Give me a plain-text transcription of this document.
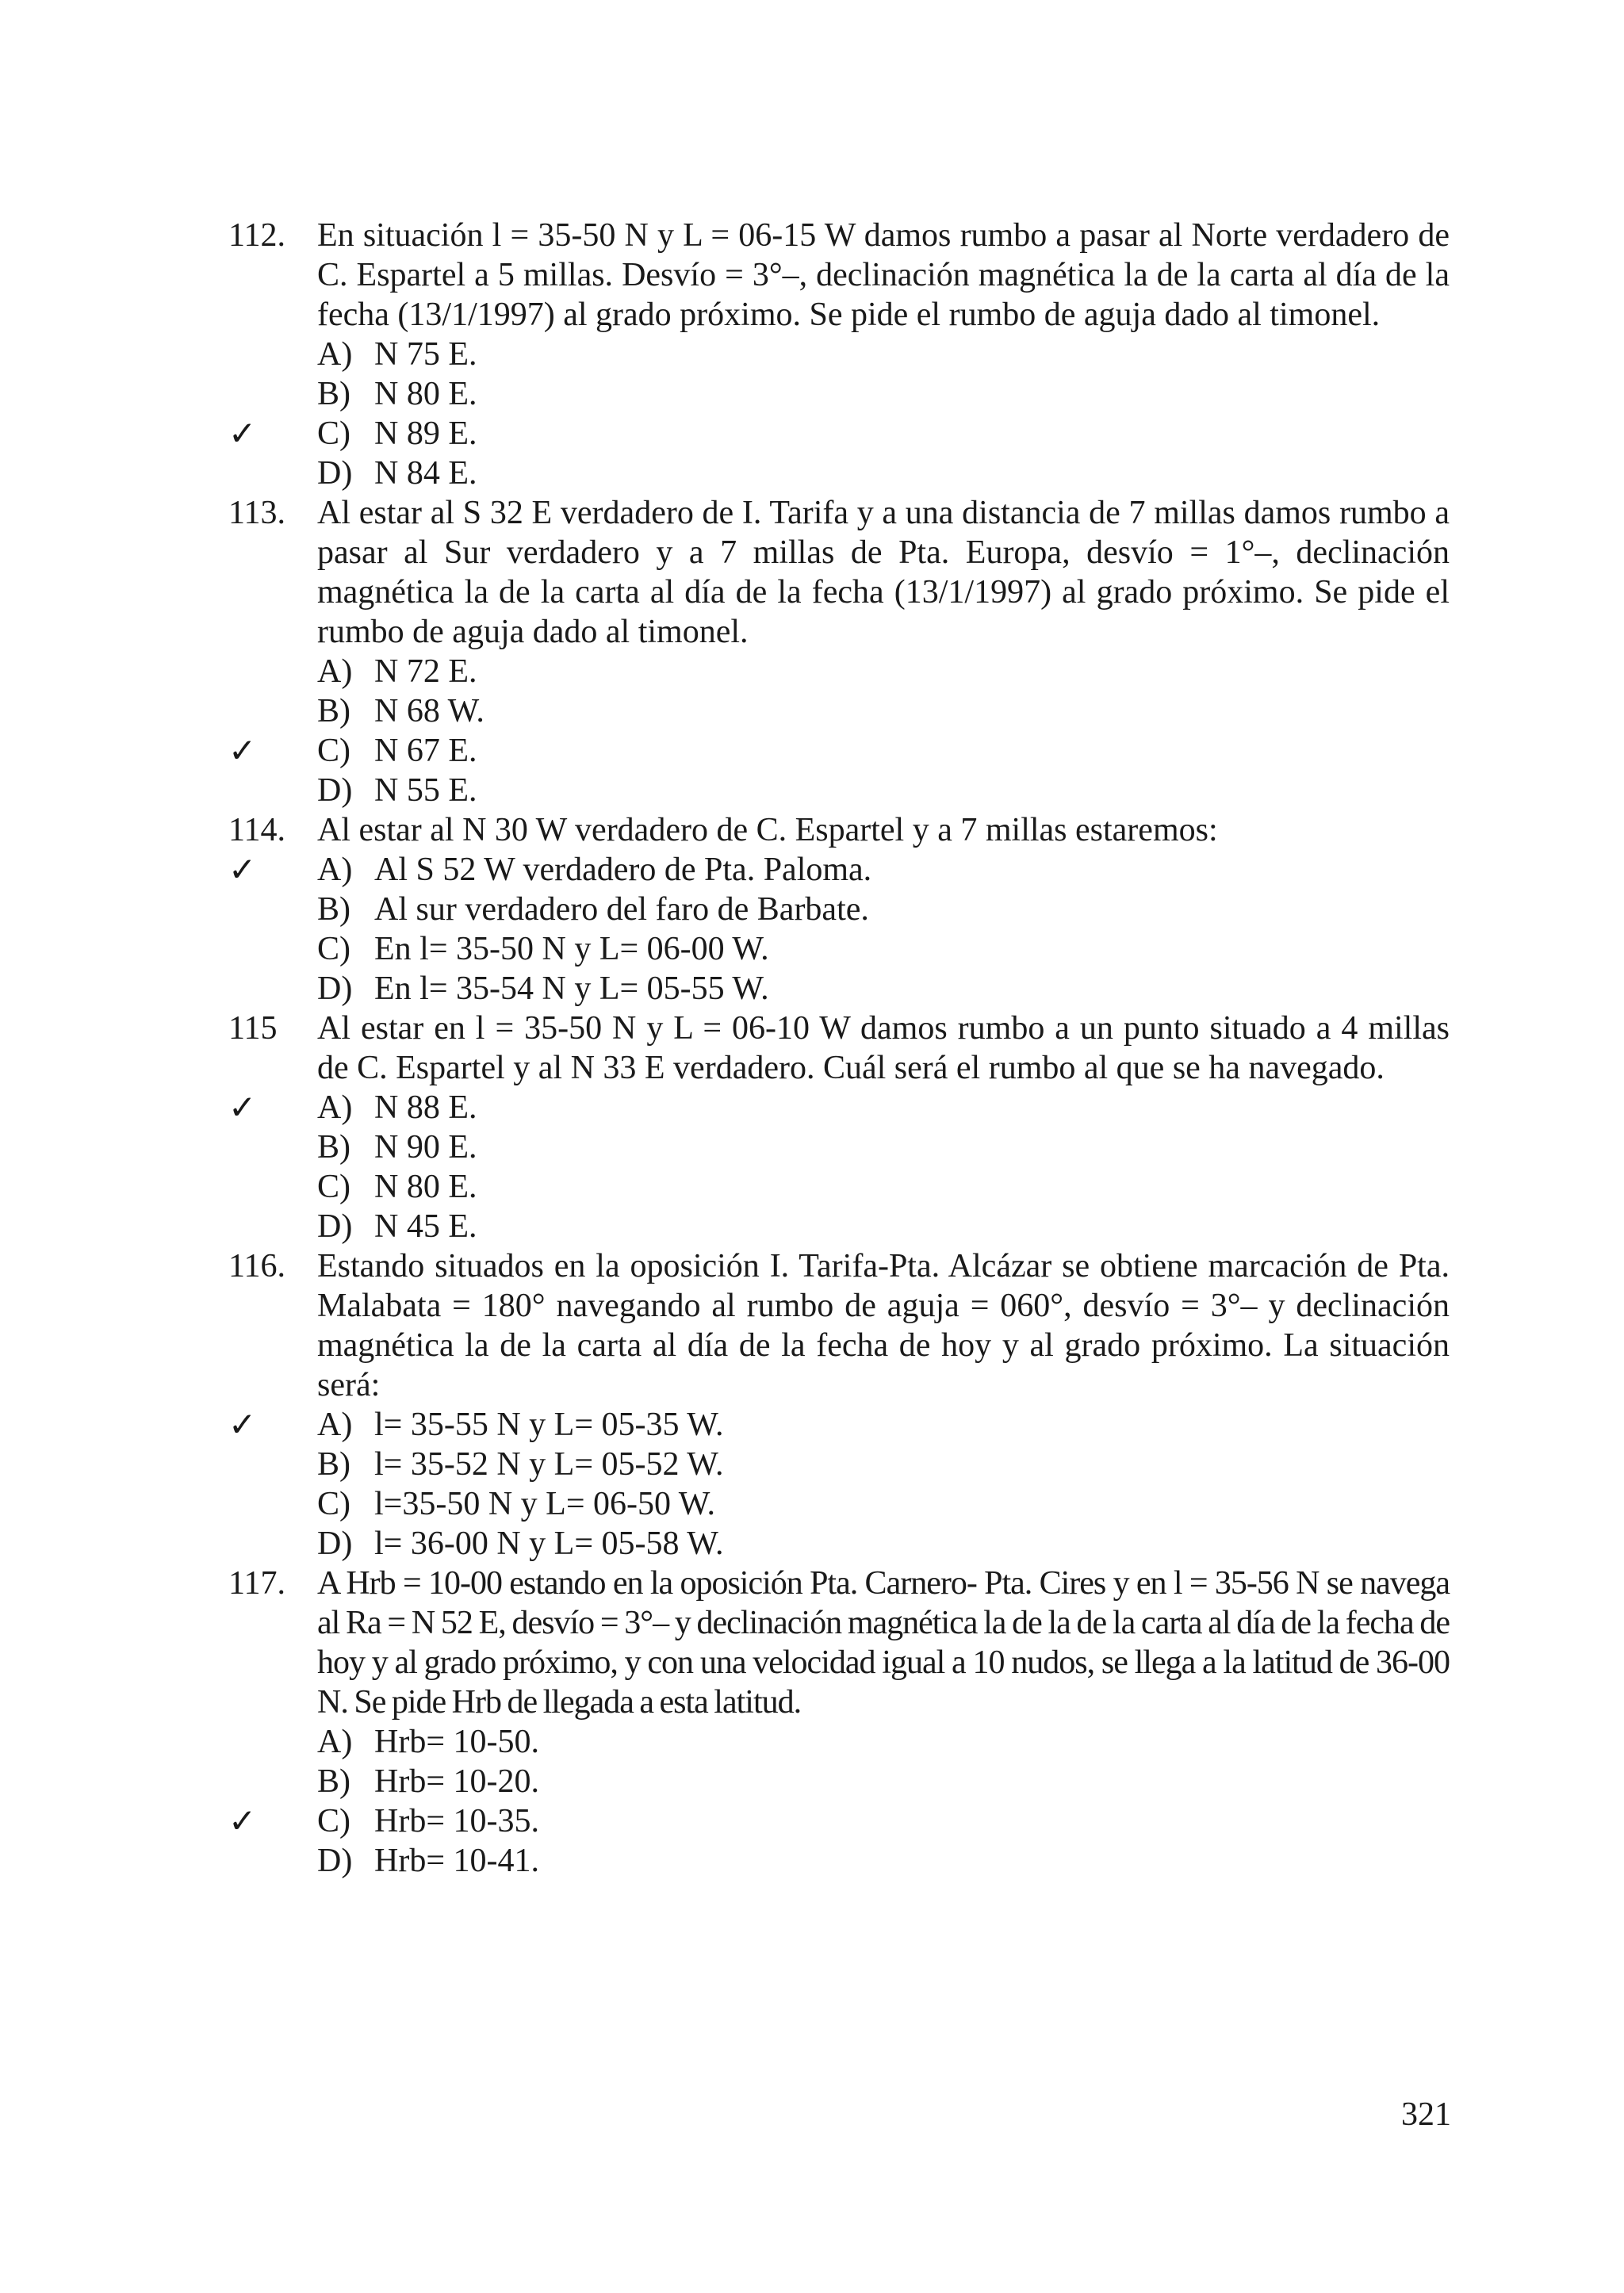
112. En situación l = 35-50 N y L = 06-15 W damos rumbo a pasar al Norte verdadero de C. Espartel a 5 millas. Desvío = 3°–, declinación magnética la de la carta al día de la fecha (13/1/1997) al grado próximo. Se pide el rumbo de aguja dado al timonel.
A) N 75 E.
B) N 80 E.
✓ C) N 89 E.
D) N 84 E.
113. Al estar al S 32 E verdadero de I. Tarifa y a una distancia de 7 millas damos rumbo a pasar al Sur verdadero y a 7 millas de Pta. Europa, desvío = 1°–, declinación magnética la de la carta al día de la fecha (13/1/1997) al grado próximo. Se pide el rumbo de aguja dado al timonel.
A) N 72 E.
B) N 68 W.
✓ C) N 67 E.
D) N 55 E.
114. Al estar al N 30 W verdadero de C. Espartel y a 7 millas estaremos:
✓ A) Al S 52 W verdadero de Pta. Paloma.
B) Al sur verdadero del faro de Barbate.
C) En l= 35-50 N y L= 06-00 W.
D) En l= 35-54 N y L= 05-55 W.
115	Al estar en l = 35-50 N y L = 06-10 W damos rumbo a un punto situado a 4 millas de C. Espartel y al N 33 E verdadero. Cuál será el rumbo al que se ha navegado.
✓ A) N 88 E.
B) N 90 E.
C) N 80 E.
D) N 45 E.
116. Estando situados en la oposición I. Tarifa-Pta. Alcázar se obtiene marcación de Pta. Malabata = 180° navegando al rumbo de aguja = 060°, desvío = 3°– y declinación magnética la de la carta al día de la fecha de hoy y al grado próximo. La situación será:
✓ A) l= 35-55 N y L= 05-35 W.
B) l= 35-52 N y L= 05-52 W.
C) l=35-50 N y L= 06-50 W.
D) l= 36-00 N y L= 05-58 W.
117. A Hrb = 10-00 estando en la oposición Pta. Carnero- Pta. Cires y en l = 35-56 N se navega al Ra = N 52 E, desvío = 3°– y declinación magnética la de la de la carta al día de la fecha de hoy y al grado próximo, y con una velocidad igual a 10 nudos, se llega a la latitud de 36-00 N. Se pide Hrb de llegada a esta latitud.
A) Hrb= 10-50.
B) Hrb= 10-20.
✓ C) Hrb= 10-35.
D) Hrb= 10-41.
321
